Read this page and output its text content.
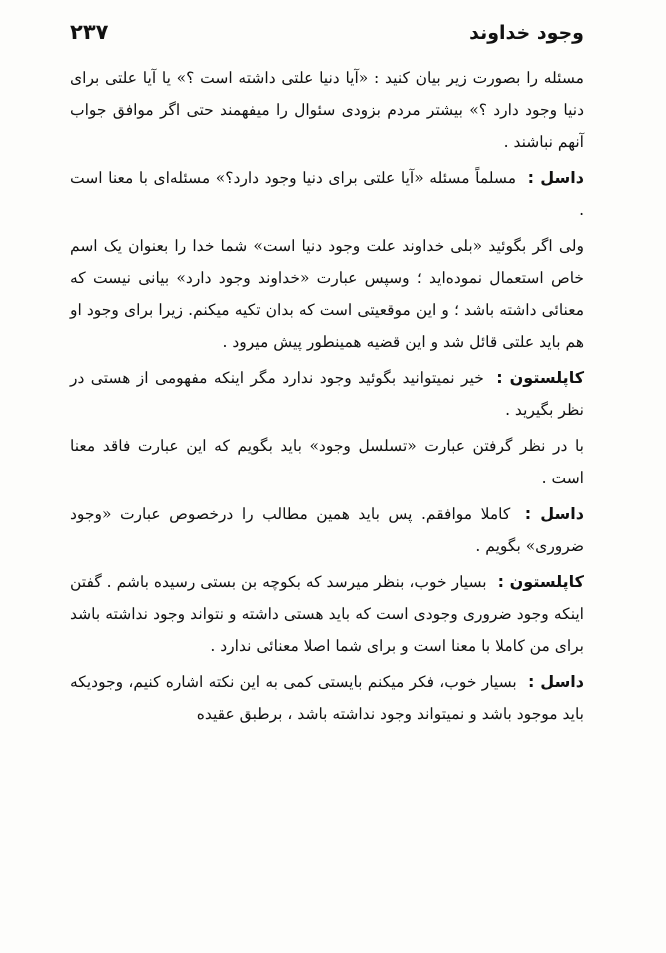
وجود خداوند
۲۳۷

مسئله را بصورت زیر بیان کنید : «آیا دنیا علتی داشته است ؟» یا آیا علتی برای دنیا وجود دارد ؟» بیشتر مردم بزودی سئوال را میفهمند حتی اگر موافق جواب آنهم نباشند .

داسل : مسلماً مسئله «آیا علتی برای دنیا وجود دارد؟» مسئله‌ای با معنا است .

ولی اگر بگوئید «بلی خداوند علت وجود دنیا است» شما خدا را بعنوان یک اسم خاص استعمال نموده‌اید ؛ وسپس عبارت «خداوند وجود دارد» بیانی نیست که معنائی داشته باشد ؛ و این موقعیتی است که بدان تکیه میکنم. زیرا برای وجود او هم باید علتی قائل شد و این قضیه همینطور پیش میرود .

کاپلستون : خیر نمیتوانید بگوئید وجود ندارد مگر اینکه مفهومی از هستی در نظر بگیرید .

با در نظر گرفتن عبارت «تسلسل وجود» باید بگویم که این عبارت فاقد معنا است .

داسل : کاملا موافقم. پس باید همین مطالب را درخصوص عبارت «وجود ضروری» بگویم .

کاپلستون : بسیار خوب، بنظر میرسد که بکوچه بن بستی رسیده باشم . گفتن اینکه وجود ضروری وجودی است که باید هستی داشته و نتواند وجود نداشته باشد برای من کاملا با معنا است و برای شما اصلا معنائی ندارد .

داسل : بسیار خوب، فکر میکنم بایستی کمی به این نکته اشاره کنیم، وجودیکه باید موجود باشد و نمیتواند وجود نداشته باشد ، برطبق عقیده
